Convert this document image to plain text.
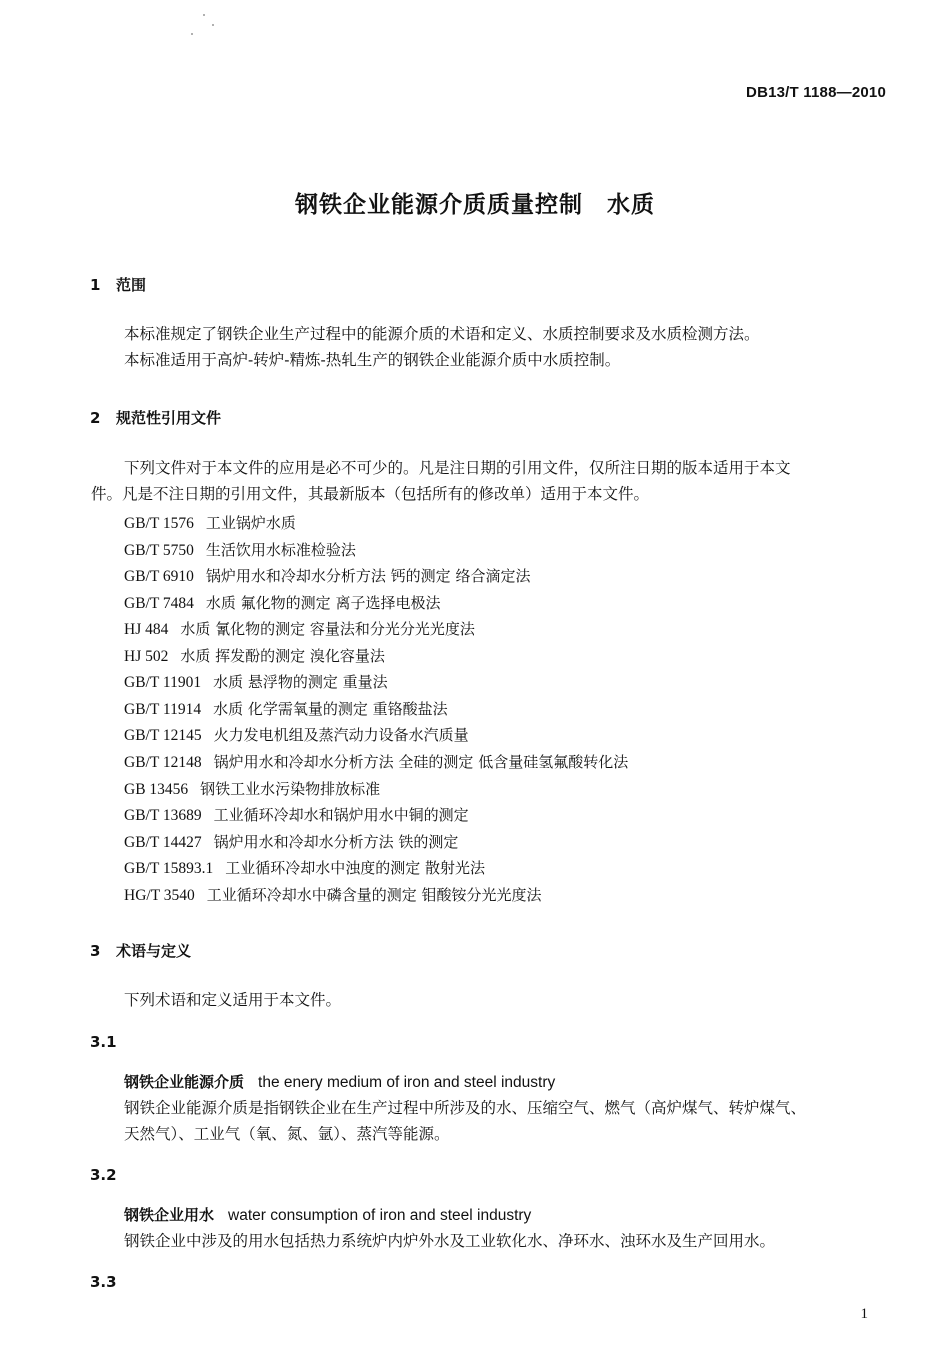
DB13/T 1188—2010
钢铁企业能源介质质量控制　水质
1 范围
本标准规定了钢铁企业生产过程中的能源介质的术语和定义、水质控制要求及水质检测方法。
本标准适用于高炉-转炉-精炼-热轧生产的钢铁企业能源介质中水质控制。
2 规范性引用文件
下列文件对于本文件的应用是必不可少的。凡是注日期的引用文件，仅所注日期的版本适用于本文
件。凡是不注日期的引用文件，其最新版本（包括所有的修改单）适用于本文件。
GB/T 1576 工业锅炉水质
GB/T 5750 生活饮用水标准检验法
GB/T 6910 锅炉用水和冷却水分析方法 钙的测定 络合滴定法
GB/T 7484 水质 氟化物的测定 离子选择电极法
HJ 484 水质 氰化物的测定 容量法和分光分光光度法
HJ 502 水质 挥发酚的测定 溴化容量法
GB/T 11901 水质 悬浮物的测定 重量法
GB/T 11914 水质 化学需氧量的测定 重铬酸盐法
GB/T 12145 火力发电机组及蒸汽动力设备水汽质量
GB/T 12148 锅炉用水和冷却水分析方法 全硅的测定 低含量硅氢氟酸转化法
GB 13456 钢铁工业水污染物排放标准
GB/T 13689 工业循环冷却水和锅炉用水中铜的测定
GB/T 14427 锅炉用水和冷却水分析方法 铁的测定
GB/T 15893.1 工业循环冷却水中浊度的测定 散射光法
HG/T 3540 工业循环冷却水中磷含量的测定 钼酸铵分光光度法
3 术语与定义
下列术语和定义适用于本文件。
3.1
钢铁企业能源介质 the enery medium of iron and steel industry
钢铁企业能源介质是指钢铁企业在生产过程中所涉及的水、压缩空气、燃气（高炉煤气、转炉煤气、
天然气）、工业气（氧、氮、氩）、蒸汽等能源。
3.2
钢铁企业用水 water consumption of iron and steel industry
钢铁企业中涉及的用水包括热力系统炉内炉外水及工业软化水、净环水、浊环水及生产回用水。
3.3
1
